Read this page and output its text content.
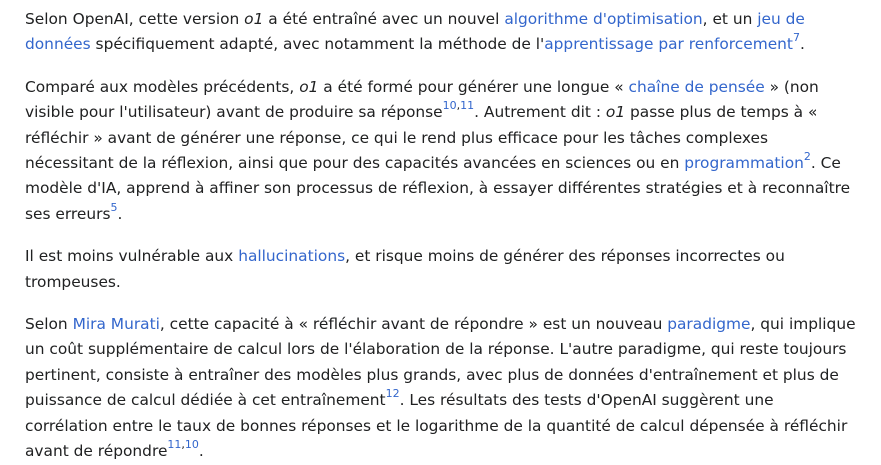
Selon OpenAI, cette version o1 a été entraîné avec un nouvel algorithme d'optimisation, et un jeu de données spécifiquement adapté, avec notamment la méthode de l'apprentissage par renforcement$^7$.

Comparé aux modèles précédents, o1 a été formé pour générer une longue « chaîne de pensée » (non visible pour l'utilisateur) avant de produire sa réponse$^{10,11}$. Autrement dit : o1 passe plus de temps à « réfléchir » avant de générer une réponse, ce qui le rend plus efficace pour les tâches complexes nécessitant de la réflexion, ainsi que pour des capacités avancées en sciences ou en programmation$^2$. Ce modèle d'IA, apprend à affiner son processus de réflexion, à essayer différentes stratégies et à reconnaître ses erreurs$^5$.

Il est moins vulnérable aux hallucinations, et risque moins de générer des réponses incorrectes ou trompeuses.

Selon Mira Murati, cette capacité à « réfléchir avant de répondre » est un nouveau paradigme, qui implique un coût supplémentaire de calcul lors de l'élaboration de la réponse. L'autre paradigme, qui reste toujours pertinent, consiste à entraîner des modèles plus grands, avec plus de données d'entraînement et plus de puissance de calcul dédiée à cet entraînement$^{12}$. Les résultats des tests d'OpenAI suggèrent une corrélation entre le taux de bonnes réponses et le logarithme de la quantité de calcul dépensée à réfléchir avant de répondre$^{11,10}$.
